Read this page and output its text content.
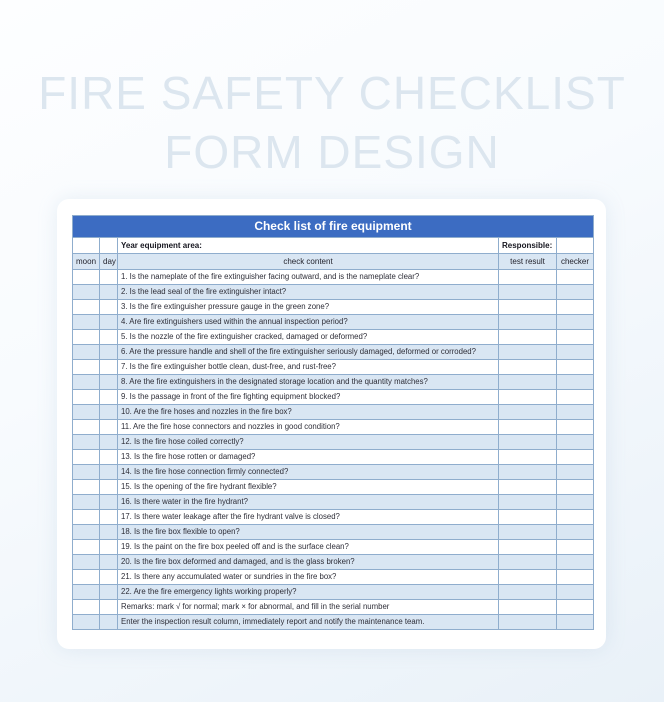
FIRE SAFETY CHECKLIST
FORM DESIGN
Check list of fire equipment				
		Year equipment area:	Responsible:	
moon	day	check content	test result	checker
		1. Is the nameplate of the fire extinguisher facing outward, and is the nameplate clear?		
		2. Is the lead seal of the fire extinguisher intact?		
		3. Is the fire extinguisher pressure gauge in the green zone?		
		4. Are fire extinguishers used within the annual inspection period?		
		5. Is the nozzle of the fire extinguisher cracked, damaged or deformed?		
		6. Are the pressure handle and shell of the fire extinguisher seriously damaged, deformed or corroded?		
		7. Is the fire extinguisher bottle clean, dust-free, and rust-free?		
		8. Are the fire extinguishers in the designated storage location and the quantity matches?		
		9. Is the passage in front of the fire fighting equipment blocked?		
		10. Are the fire hoses and nozzles in the fire box?		
		11. Are the fire hose connectors and nozzles in good condition?		
		12. Is the fire hose coiled correctly?		
		13. Is the fire hose rotten or damaged?		
		14. Is the fire hose connection firmly connected?		
		15. Is the opening of the fire hydrant flexible?		
		16. Is there water in the fire hydrant?		
		17. Is there water leakage after the fire hydrant valve is closed?		
		18. Is the fire box flexible to open?		
		19. Is the paint on the fire box peeled off and is the surface clean?		
		20. Is the fire box deformed and damaged, and is the glass broken?		
		21. Is there any accumulated water or sundries in the fire box?		
		22. Are the fire emergency lights working properly?		
		Remarks: mark √ for normal; mark × for abnormal, and fill in the serial number		
		Enter the inspection result column, immediately report and notify the maintenance team.		
